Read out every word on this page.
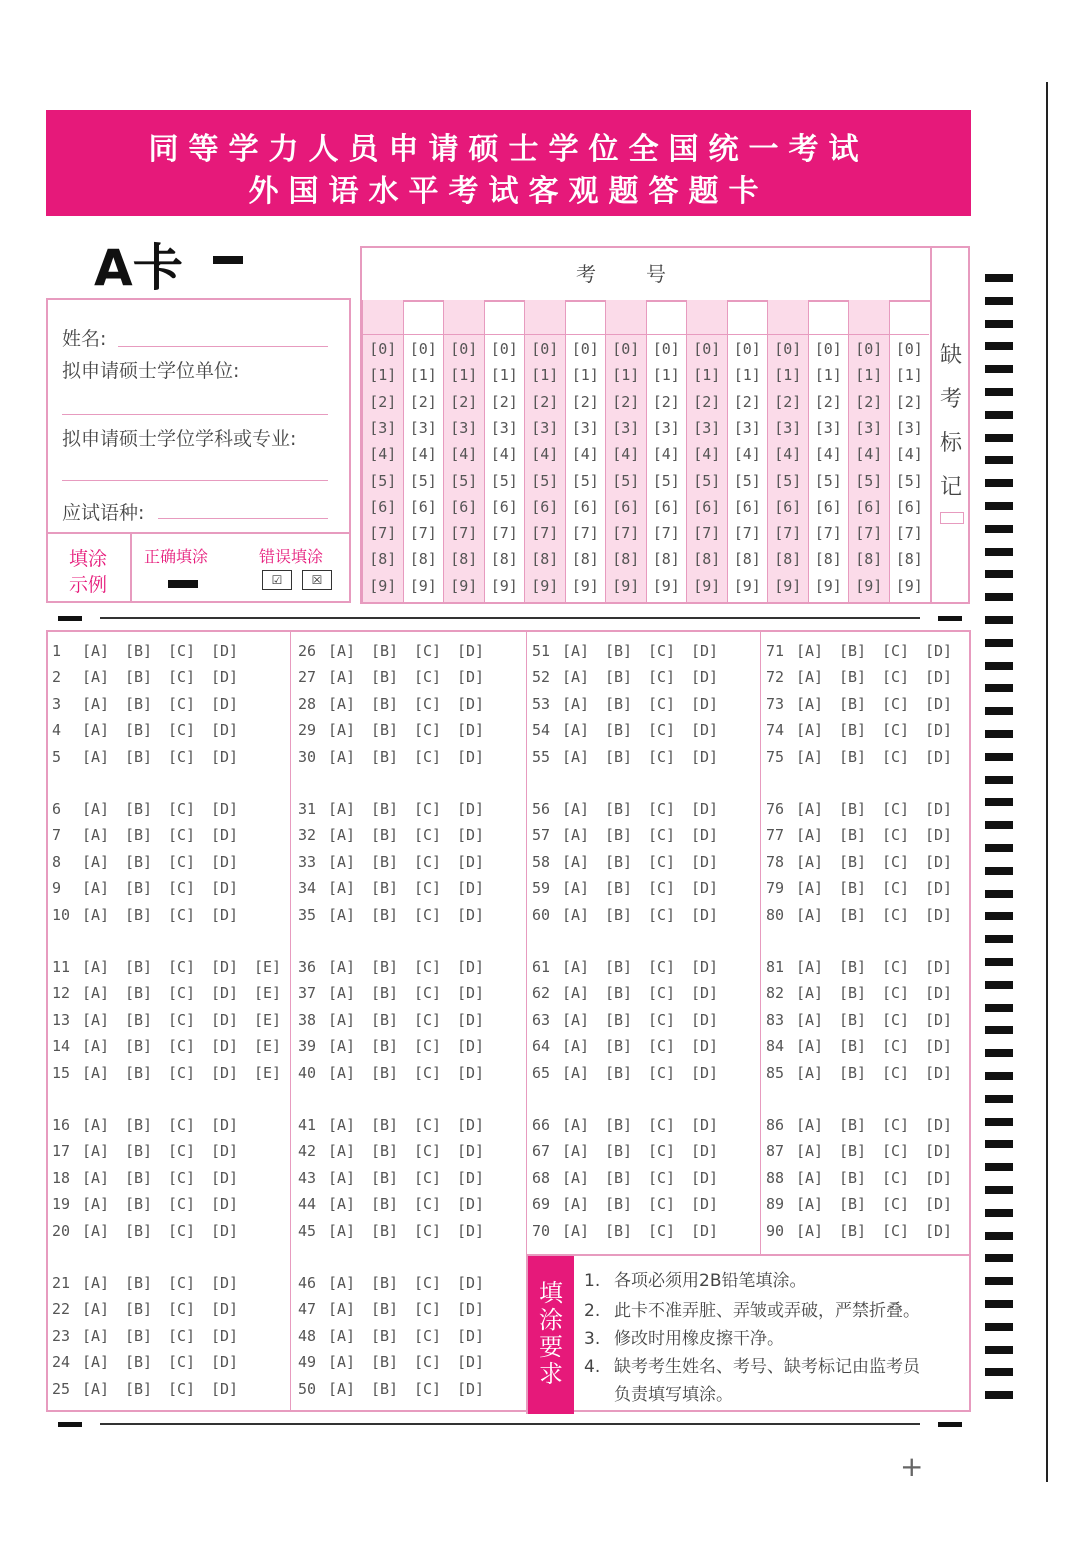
同等学力人员申请硕士学位全国统一考试
外国语水平考试客观题答题卡
A卡
姓名:
拟申请硕士学位单位:
拟申请硕士学位学科或专业:
应试语种:
填涂示例
正确填涂	错误填涂
☑	☒
考号
缺考标记
[0]
[1]
[2]
[3]
[4]
[5]
[6]
[7]
[8]
[9]
[0]
[1]
[2]
[3]
[4]
[5]
[6]
[7]
[8]
[9]
[0]
[1]
[2]
[3]
[4]
[5]
[6]
[7]
[8]
[9]
[0]
[1]
[2]
[3]
[4]
[5]
[6]
[7]
[8]
[9]
[0]
[1]
[2]
[3]
[4]
[5]
[6]
[7]
[8]
[9]
[0]
[1]
[2]
[3]
[4]
[5]
[6]
[7]
[8]
[9]
[0]
[1]
[2]
[3]
[4]
[5]
[6]
[7]
[8]
[9]
[0]
[1]
[2]
[3]
[4]
[5]
[6]
[7]
[8]
[9]
[0]
[1]
[2]
[3]
[4]
[5]
[6]
[7]
[8]
[9]
[0]
[1]
[2]
[3]
[4]
[5]
[6]
[7]
[8]
[9]
[0]
[1]
[2]
[3]
[4]
[5]
[6]
[7]
[8]
[9]
[0]
[1]
[2]
[3]
[4]
[5]
[6]
[7]
[8]
[9]
[0]
[1]
[2]
[3]
[4]
[5]
[6]
[7]
[8]
[9]
[0]
[1]
[2]
[3]
[4]
[5]
[6]
[7]
[8]
[9]
填涂要求
1. 各项必须用2B铅笔填涂。
2. 此卡不准弄脏、弄皱或弄破，严禁折叠。
3. 修改时用橡皮擦干净。
4. 缺考考生姓名、考号、缺考标记由监考员
负责填写填涂。
1 [A] [B] [C] [D]
2 [A] [B] [C] [D]
3 [A] [B] [C] [D]
4 [A] [B] [C] [D]
5 [A] [B] [C] [D]
6 [A] [B] [C] [D]
7 [A] [B] [C] [D]
8 [A] [B] [C] [D]
9 [A] [B] [C] [D]
10 [A] [B] [C] [D]
11 [A] [B] [C] [D] [E]
12 [A] [B] [C] [D] [E]
13 [A] [B] [C] [D] [E]
14 [A] [B] [C] [D] [E]
15 [A] [B] [C] [D] [E]
16 [A] [B] [C] [D]
17 [A] [B] [C] [D]
18 [A] [B] [C] [D]
19 [A] [B] [C] [D]
20 [A] [B] [C] [D]
21 [A] [B] [C] [D]
22 [A] [B] [C] [D]
23 [A] [B] [C] [D]
24 [A] [B] [C] [D]
25 [A] [B] [C] [D]
26 [A] [B] [C] [D]
27 [A] [B] [C] [D]
28 [A] [B] [C] [D]
29 [A] [B] [C] [D]
30 [A] [B] [C] [D]
31 [A] [B] [C] [D]
32 [A] [B] [C] [D]
33 [A] [B] [C] [D]
34 [A] [B] [C] [D]
35 [A] [B] [C] [D]
36 [A] [B] [C] [D]
37 [A] [B] [C] [D]
38 [A] [B] [C] [D]
39 [A] [B] [C] [D]
40 [A] [B] [C] [D]
41 [A] [B] [C] [D]
42 [A] [B] [C] [D]
43 [A] [B] [C] [D]
44 [A] [B] [C] [D]
45 [A] [B] [C] [D]
46 [A] [B] [C] [D]
47 [A] [B] [C] [D]
48 [A] [B] [C] [D]
49 [A] [B] [C] [D]
50 [A] [B] [C] [D]
51 [A] [B] [C] [D]
52 [A] [B] [C] [D]
53 [A] [B] [C] [D]
54 [A] [B] [C] [D]
55 [A] [B] [C] [D]
56 [A] [B] [C] [D]
57 [A] [B] [C] [D]
58 [A] [B] [C] [D]
59 [A] [B] [C] [D]
60 [A] [B] [C] [D]
61 [A] [B] [C] [D]
62 [A] [B] [C] [D]
63 [A] [B] [C] [D]
64 [A] [B] [C] [D]
65 [A] [B] [C] [D]
66 [A] [B] [C] [D]
67 [A] [B] [C] [D]
68 [A] [B] [C] [D]
69 [A] [B] [C] [D]
70 [A] [B] [C] [D]
71 [A] [B] [C] [D]
72 [A] [B] [C] [D]
73 [A] [B] [C] [D]
74 [A] [B] [C] [D]
75 [A] [B] [C] [D]
76 [A] [B] [C] [D]
77 [A] [B] [C] [D]
78 [A] [B] [C] [D]
79 [A] [B] [C] [D]
80 [A] [B] [C] [D]
81 [A] [B] [C] [D]
82 [A] [B] [C] [D]
83 [A] [B] [C] [D]
84 [A] [B] [C] [D]
85 [A] [B] [C] [D]
86 [A] [B] [C] [D]
87 [A] [B] [C] [D]
88 [A] [B] [C] [D]
89 [A] [B] [C] [D]
90 [A] [B] [C] [D]
+
